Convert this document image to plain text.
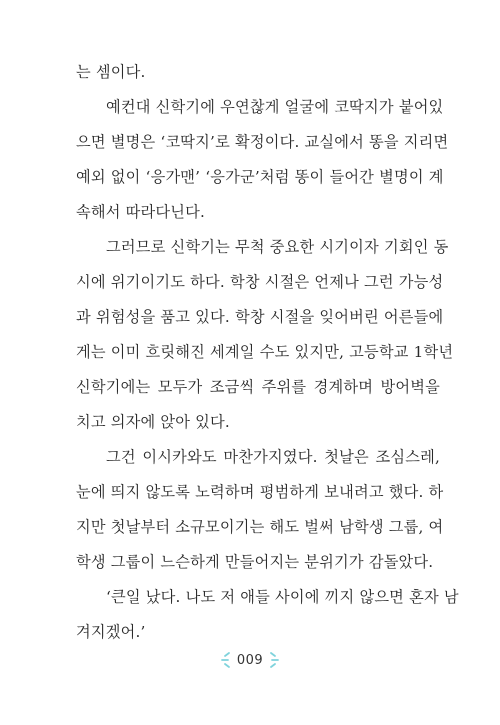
는 셈이다.
예컨대 신학기에 우연찮게 얼굴에 코딱지가 붙어있
으면 별명은 ‘코딱지’로 확정이다. 교실에서 똥을 지리면
예외 없이 ‘응가맨’ ‘응가군’처럼 똥이 들어간 별명이 계
속해서 따라다닌다.
그러므로 신학기는 무척 중요한 시기이자 기회인 동
시에 위기이기도 하다. 학창 시절은 언제나 그런 가능성
과 위험성을 품고 있다. 학창 시절을 잊어버린 어른들에
게는 이미 흐릿해진 세계일 수도 있지만, 고등학교 1학년
신학기에는 모두가 조금씩 주위를 경계하며 방어벽을
치고 의자에 앉아 있다.
그건 이시카와도 마찬가지였다. 첫날은 조심스레,
눈에 띄지 않도록 노력하며 평범하게 보내려고 했다. 하
지만 첫날부터 소규모이기는 해도 벌써 남학생 그룹, 여
학생 그룹이 느슨하게 만들어지는 분위기가 감돌았다.
‘큰일 났다. 나도 저 애들 사이에 끼지 않으면 혼자 남
겨지겠어.’
009
